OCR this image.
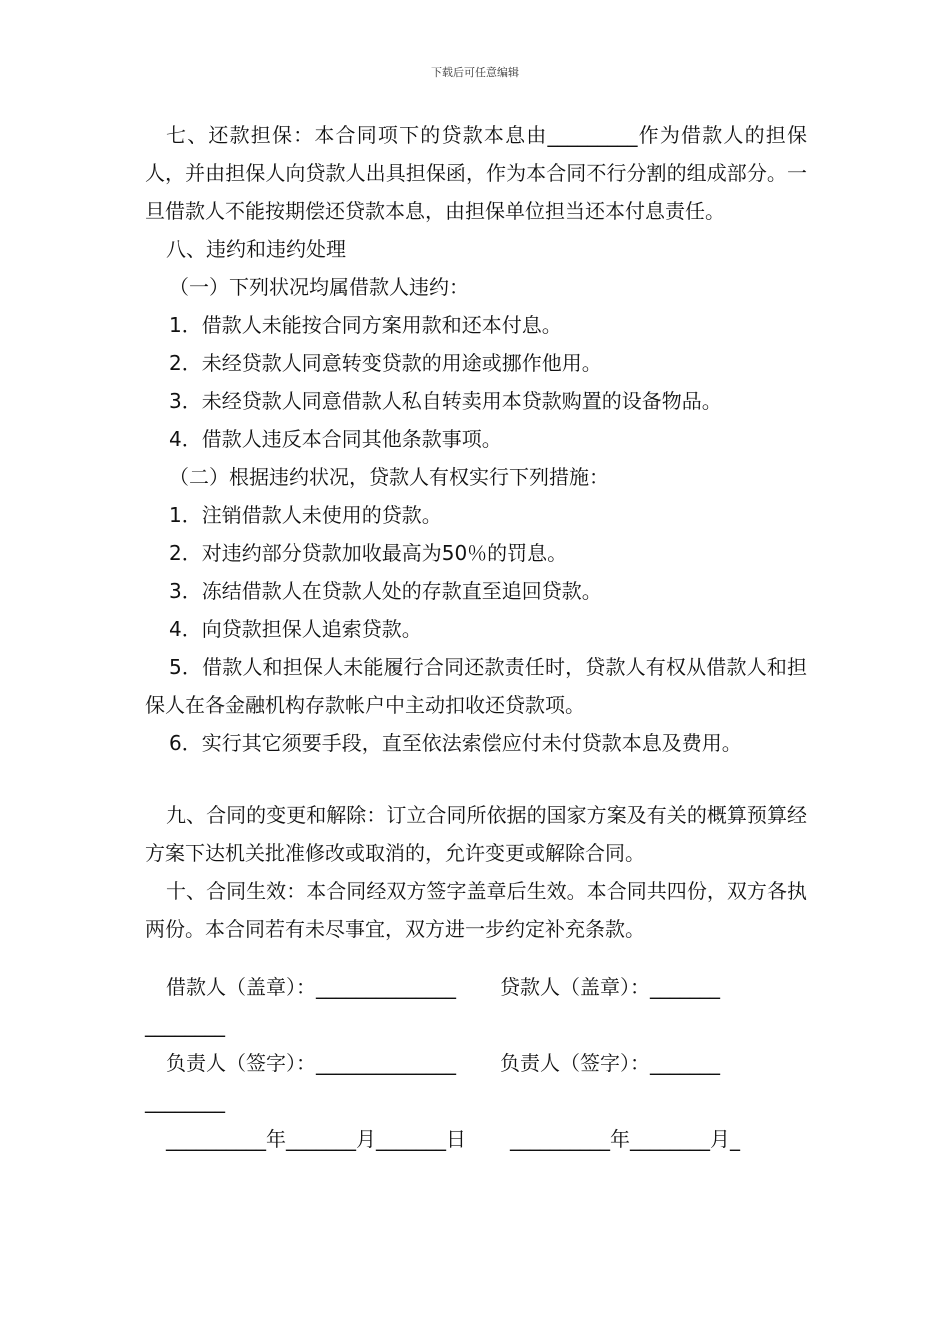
下载后可任意编辑

七、还款担保：本合同项下的贷款本息由_________作为借款人的担保人，并由担保人向贷款人出具担保函，作为本合同不行分割的组成部分。一旦借款人不能按期偿还贷款本息，由担保单位担当还本付息责任。

八、违约和违约处理

（一）下列状况均属借款人违约：

1．借款人未能按合同方案用款和还本付息。

2．未经贷款人同意转变贷款的用途或挪作他用。

3．未经贷款人同意借款人私自转卖用本贷款购置的设备物品。

4．借款人违反本合同其他条款事项。

（二）根据违约状况，贷款人有权实行下列措施：

1．注销借款人未使用的贷款。

2．对违约部分贷款加收最高为50％的罚息。

3．冻结借款人在贷款人处的存款直至追回贷款。

4．向贷款担保人追索贷款。

5．借款人和担保人未能履行合同还款责任时，贷款人有权从借款人和担保人在各金融机构存款帐户中主动扣收还贷款项。

6．实行其它须要手段，直至依法索偿应付未付贷款本息及费用。

九、合同的变更和解除：订立合同所依据的国家方案及有关的概算预算经方案下达机关批准修改或取消的，允许变更或解除合同。

十、合同生效：本合同经双方签字盖章后生效。本合同共四份，双方各执两份。本合同若有未尽事宜，双方进一步约定补充条款。

借款人（盖章）：______________ 贷款人（盖章）：_______

________

负责人（签字）：______________ 负责人（签字）：_______

________

__________年_______月_______日 __________年________月_
